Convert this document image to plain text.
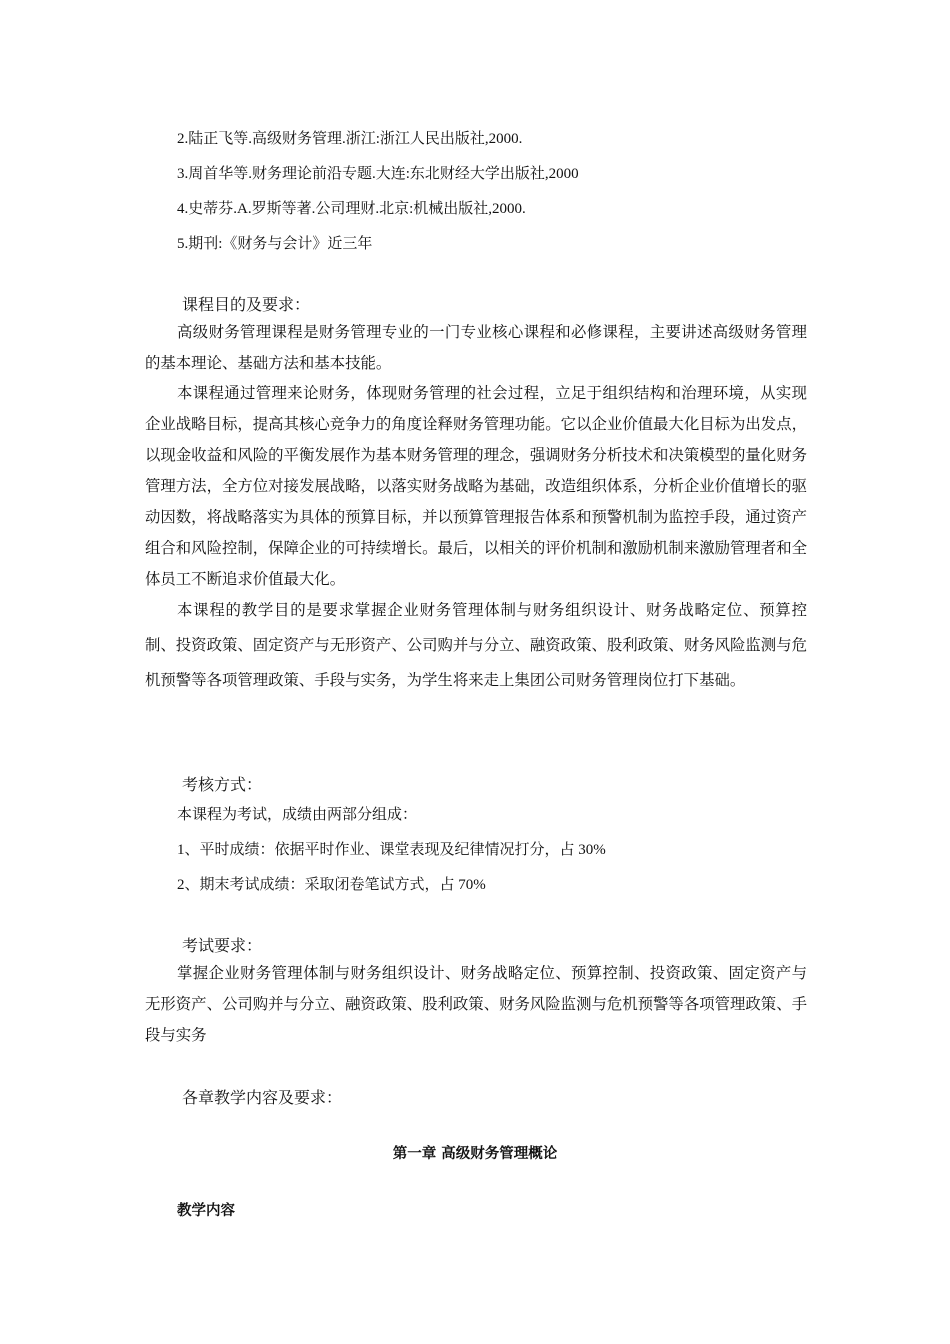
2.陆正飞等.高级财务管理.浙江:浙江人民出版社,2000.
3.周首华等.财务理论前沿专题.大连:东北财经大学出版社,2000
4.史蒂芬.A.罗斯等著.公司理财.北京:机械出版社,2000.
5.期刊:《财务与会计》近三年
课程目的及要求：

高级财务管理课程是财务管理专业的一门专业核心课程和必修课程，主要讲述高级财务管理的基本理论、基础方法和基本技能。

本课程通过管理来论财务，体现财务管理的社会过程，立足于组织结构和治理环境，从实现企业战略目标，提高其核心竞争力的角度诠释财务管理功能。它以企业价值最大化目标为出发点，以现金收益和风险的平衡发展作为基本财务管理的理念，强调财务分析技术和决策模型的量化财务管理方法，全方位对接发展战略，以落实财务战略为基础，改造组织体系，分析企业价值增长的驱动因数，将战略落实为具体的预算目标，并以预算管理报告体系和预警机制为监控手段，通过资产组合和风险控制，保障企业的可持续增长。最后，以相关的评价机制和激励机制来激励管理者和全体员工不断追求价值最大化。

本课程的教学目的是要求掌握企业财务管理体制与财务组织设计、财务战略定位、预算控制、投资政策、固定资产与无形资产、公司购并与分立、融资政策、股利政策、财务风险监测与危机预警等各项管理政策、手段与实务，为学生将来走上集团公司财务管理岗位打下基础。

考核方式：
本课程为考试，成绩由两部分组成：
1、平时成绩：依据平时作业、课堂表现及纪律情况打分，占 30%
2、期末考试成绩：采取闭卷笔试方式，占 70%
考试要求：

掌握企业财务管理体制与财务组织设计、财务战略定位、预算控制、投资政策、固定资产与无形资产、公司购并与分立、融资政策、股利政策、财务风险监测与危机预警等各项管理政策、手段与实务

各章教学内容及要求：
第一章 高级财务管理概论
教学内容
